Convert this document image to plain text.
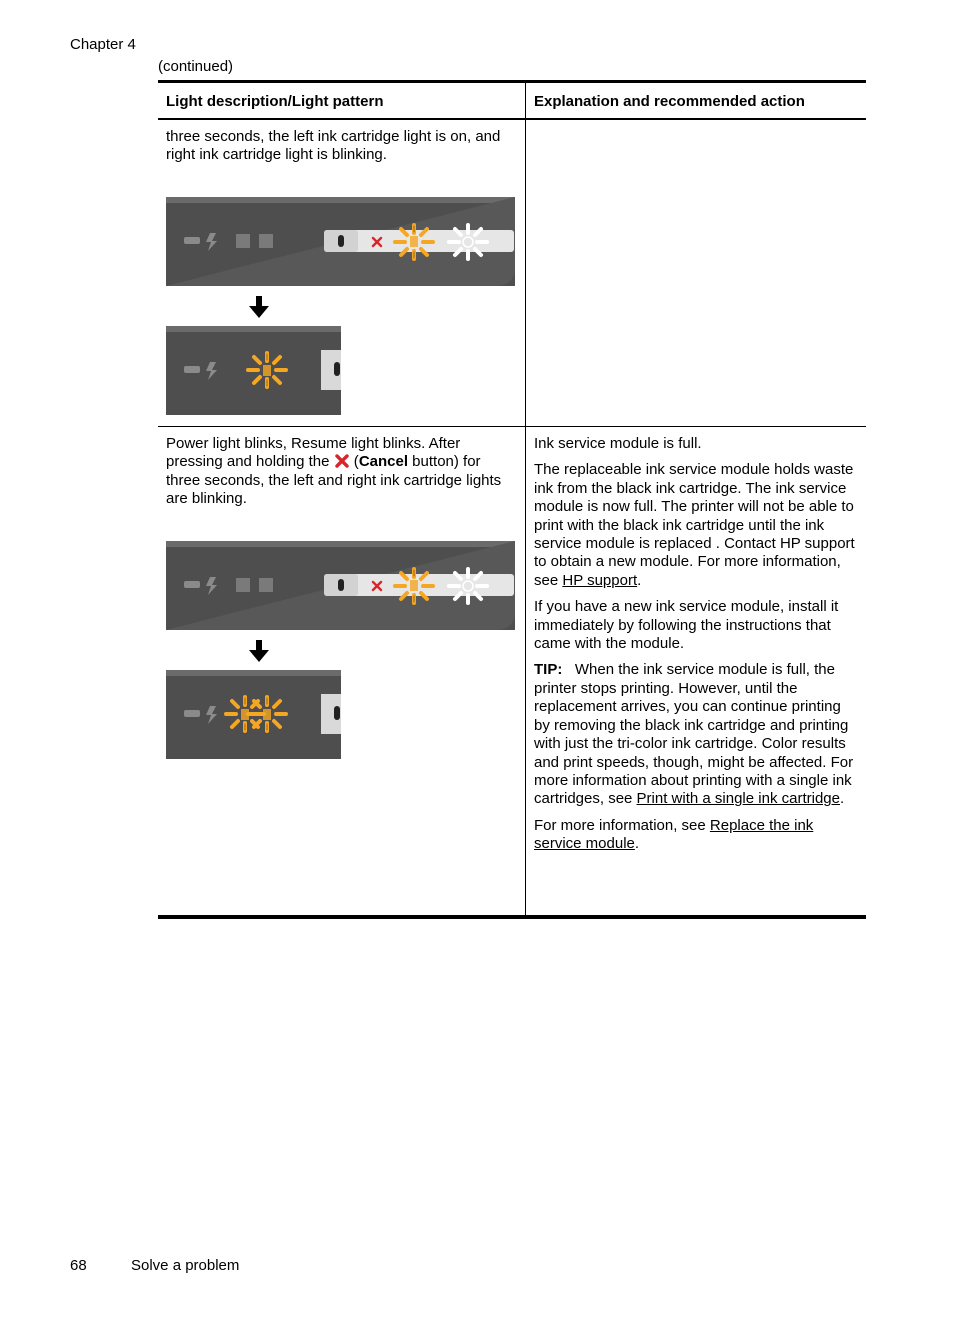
Chapter 4
(continued)
Light description/Light pattern	Explanation and recommended action

three seconds, the left ink cartridge light is on, and right ink cartridge light is blinking.	

Power light blinks, Resume light blinks. After pressing and holding the  (Cancel button) for three seconds, the left and right ink cartridge lights are blinking.	Ink service module is full.

The replaceable ink service module holds waste ink from the black ink cartridge. The ink service module is now full. The printer will not be able to print with the black ink cartridge until the ink service module is replaced . Contact HP support to obtain a new module. For more information, see HP support.

If you have a new ink service module, install it immediately by following the instructions that came with the module.

TIP: When the ink service module is full, the printer stops printing. However, until the replacement arrives, you can continue printing by removing the black ink cartridge and printing with just the tri-color ink cartridge. Color results and print speeds, though, might be affected. For more information about printing with a single ink cartridges, see Print with a single ink cartridge.

For more information, see Replace the ink service module.

68	Solve a problem
